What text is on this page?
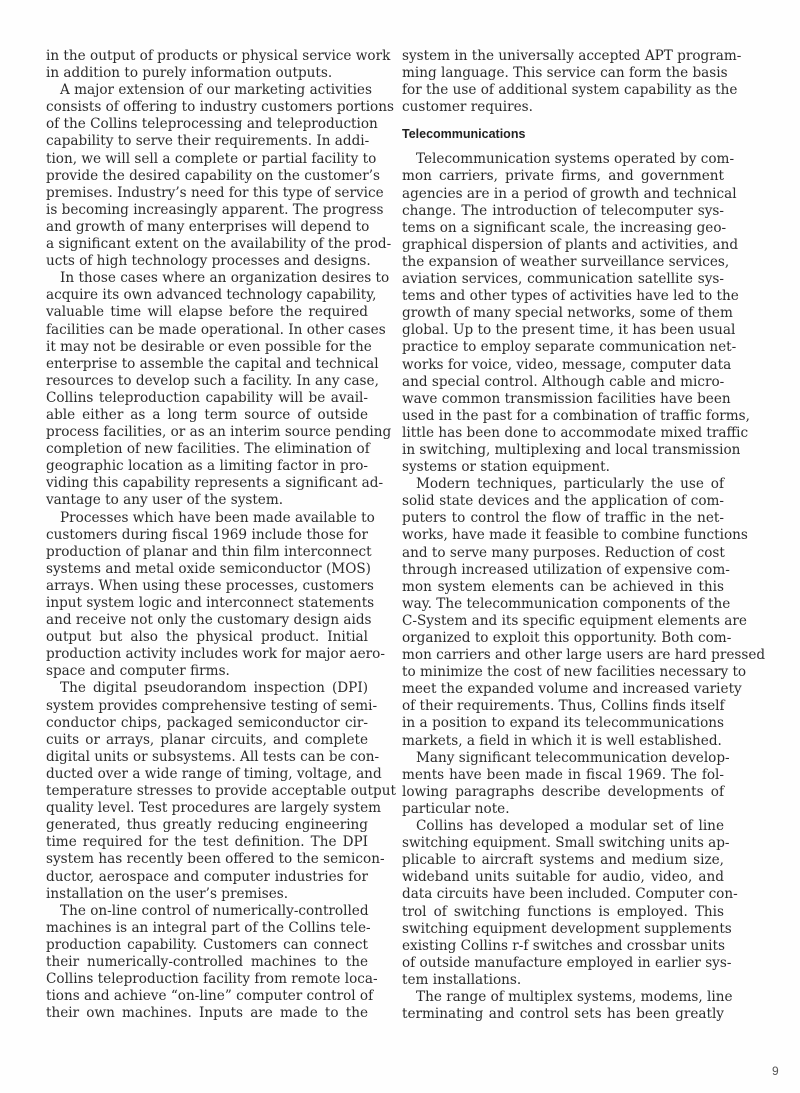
in the output of products or physical service work
in addition to purely information outputs.
A major extension of our marketing activities
consists of offering to industry customers portions
of the Collins teleprocessing and teleproduction
capability to serve their requirements. In addi-
tion, we will sell a complete or partial facility to
provide the desired capability on the customer’s
premises. Industry’s need for this type of service
is becoming increasingly apparent. The progress
and growth of many enterprises will depend to
a significant extent on the availability of the prod-
ucts of high technology processes and designs.
In those cases where an organization desires to
acquire its own advanced technology capability,
valuable time will elapse before the required
facilities can be made operational. In other cases
it may not be desirable or even possible for the
enterprise to assemble the capital and technical
resources to develop such a facility. In any case,
Collins teleproduction capability will be avail-
able either as a long term source of outside
process facilities, or as an interim source pending
completion of new facilities. The elimination of
geographic location as a limiting factor in pro-
viding this capability represents a significant ad-
vantage to any user of the system.
Processes which have been made available to
customers during fiscal 1969 include those for
production of planar and thin film interconnect
systems and metal oxide semiconductor (MOS)
arrays. When using these processes, customers
input system logic and interconnect statements
and receive not only the customary design aids
output but also the physical product. Initial
production activity includes work for major aero-
space and computer firms.
The digital pseudorandom inspection (DPI)
system provides comprehensive testing of semi-
conductor chips, packaged semiconductor cir-
cuits or arrays, planar circuits, and complete
digital units or subsystems. All tests can be con-
ducted over a wide range of timing, voltage, and
temperature stresses to provide acceptable output
quality level. Test procedures are largely system
generated, thus greatly reducing engineering
time required for the test definition. The DPI
system has recently been offered to the semicon-
ductor, aerospace and computer industries for
installation on the user’s premises.
The on-line control of numerically-controlled
machines is an integral part of the Collins tele-
production capability. Customers can connect
their numerically-controlled machines to the
Collins teleproduction facility from remote loca-
tions and achieve “on-line” computer control of
their own machines. Inputs are made to the
system in the universally accepted APT program-
ming language. This service can form the basis
for the use of additional system capability as the
customer requires.
Telecommunications
Telecommunication systems operated by com-
mon carriers, private firms, and government
agencies are in a period of growth and technical
change. The introduction of telecomputer sys-
tems on a significant scale, the increasing geo-
graphical dispersion of plants and activities, and
the expansion of weather surveillance services,
aviation services, communication satellite sys-
tems and other types of activities have led to the
growth of many special networks, some of them
global. Up to the present time, it has been usual
practice to employ separate communication net-
works for voice, video, message, computer data
and special control. Although cable and micro-
wave common transmission facilities have been
used in the past for a combination of traffic forms,
little has been done to accommodate mixed traffic
in switching, multiplexing and local transmission
systems or station equipment.
Modern techniques, particularly the use of
solid state devices and the application of com-
puters to control the flow of traffic in the net-
works, have made it feasible to combine functions
and to serve many purposes. Reduction of cost
through increased utilization of expensive com-
mon system elements can be achieved in this
way. The telecommunication components of the
C-System and its specific equipment elements are
organized to exploit this opportunity. Both com-
mon carriers and other large users are hard pressed
to minimize the cost of new facilities necessary to
meet the expanded volume and increased variety
of their requirements. Thus, Collins finds itself
in a position to expand its telecommunications
markets, a field in which it is well established.
Many significant telecommunication develop-
ments have been made in fiscal 1969. The fol-
lowing paragraphs describe developments of
particular note.
Collins has developed a modular set of line
switching equipment. Small switching units ap-
plicable to aircraft systems and medium size,
wideband units suitable for audio, video, and
data circuits have been included. Computer con-
trol of switching functions is employed. This
switching equipment development supplements
existing Collins r-f switches and crossbar units
of outside manufacture employed in earlier sys-
tem installations.
The range of multiplex systems, modems, line
terminating and control sets has been greatly
9
